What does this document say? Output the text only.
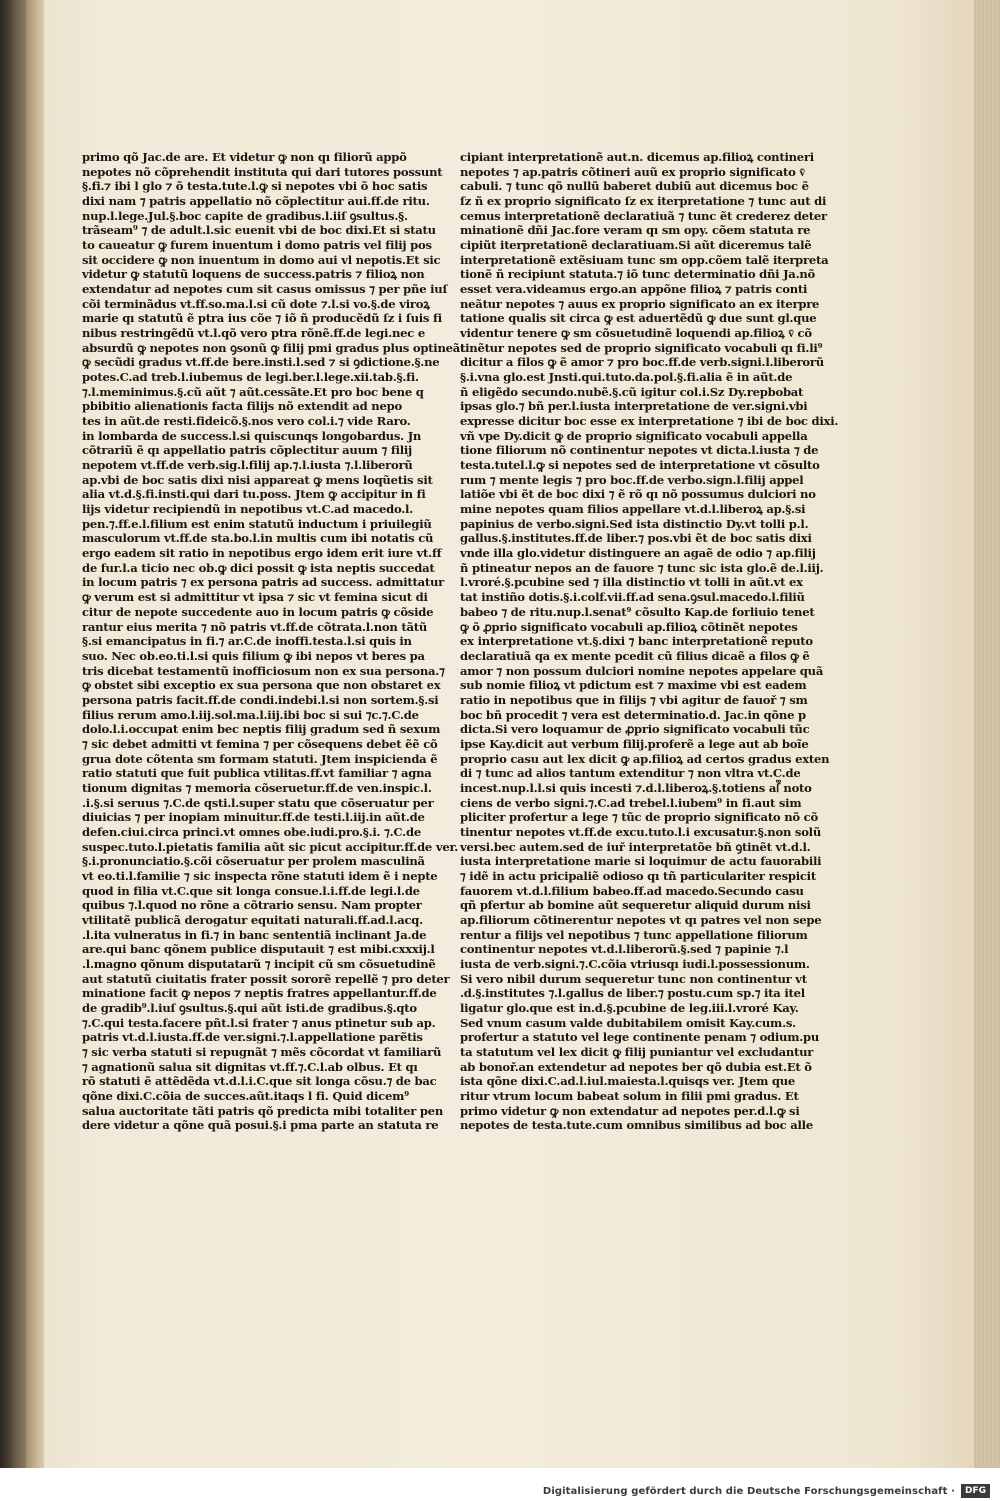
primo qõ Jac.de are. Et videtur ꝙ non qı filiorũ appõ
nepotes nõ cõprehendit instituta qui dari tutores possunt
§.fi.⁊ ibi l glo ⁊ õ testa.tute.l.ꝙ si nepotes vbi õ hoc satis
dixi nam ⁊ patris appellatio nõ cõplectitur aui.ff.de ritu.
nup.l.lege.Jul.§.boc capite de gradibus.l.iiſ ꝯsultus.§.
trãseam⁹ ⁊ de adult.l.sic euenit vbi de boc dixi.Et si statu
to caueatur ꝙ furem inuentum i domo patris vel filij pos
sit occidere ꝙ non inuentum in domo aui vl nepotis.Et sic
videtur ꝙ statutũ loquens de success.patris ⁊ filioꝝ non
extendatur ad nepotes cum sit casus omissus ⁊ per pñe iuſ
cõi terminãdus vt.ff.so.ma.l.si cũ dote ⁊.l.si vo.§.de viroꝝ
marie qı statutũ ẽ ptra ius cõe ⁊ iõ ñ producẽdũ ſz i ſuis fi
nibus restringẽdũ vt.l.qõ vero ptra rõnẽ.ff.de legi.nec e
absurdũ ꝙ nepotes non ꝯsonũ ꝙ filij pmi gradus plus optineãt
ꝙ secũdi gradus vt.ff.de bere.insti.l.sed ⁊ si ꝯdictione.§.ne
potes.C.ad treb.l.iubemus de legi.ber.l.lege.xii.tab.§.fi.
⁊.l.meminimus.§.cũ aũt ⁊ aũt.cessãte.Et pro boc bene q
pbibitio alienationis facta filijs nõ extendit ad nepo
tes in aũt.de resti.fideicõ.§.nos vero col.i.⁊ vide Raro.
in lombarda de success.l.si quiscunqs longobardus. Jn
cõtrariũ ẽ qı appellatio patris cõplectitur auum ⁊ filij
nepotem vt.ff.de verb.sig.l.filij ap.⁊.l.iusta ⁊.l.liberorũ
ap.vbi de boc satis dixi nisi appareat ꝙ mens loqũetis sit
alia vt.d.§.fi.insti.qui dari tu.poss. Jtem ꝙ accipitur in fi
lijs videtur recipiendũ in nepotibus vt.C.ad macedo.l.
pen.⁊.ff.e.l.filium est enim statutũ inductum i priuilegiũ
masculorum vt.ff.de sta.bo.l.in multis cum ibi notatis cũ
ergo eadem sit ratio in nepotibus ergo idem erit iure vt.ff
de fur.l.a ticio nec ob.ꝙ dici possit ꝙ ista neptis succedat
in locum patris ⁊ ex persona patris ad success. admittatur
ꝙ verum est si admittitur vt ipsa ⁊ sic vt femina sicut di
citur de nepote succedente auo in locum patris ꝙ cõside
rantur eius merita ⁊ nõ patris vt.ff.de cõtrata.l.non tãtũ
§.si emancipatus in fi.⁊ ar.C.de inoffi.testa.l.si quis in
suo. Nec ob.eo.ti.l.si quis filium ꝙ ibi nepos vt beres pa
tris dicebat testamentũ inofficiosum non ex sua persona.⁊
ꝙ obstet sibi exceptio ex sua persona que non obstaret ex
persona patris facit.ff.de condi.indebi.l.si non sortem.§.si
filius rerum amo.l.iij.sol.ma.l.iij.ibi boc si sui ⁊c.⁊.C.de
dolo.l.i.occupat enim bec neptis filij gradum sed ñ sexum
⁊ sic debet admitti vt femina ⁊ per cõsequens debet ẽẽ cõ
grua dote cõtenta sm formam statuti. Jtem inspicienda ẽ
ratio statuti que fuit publica vtilitas.ff.vt familiar ⁊ agna
tionum dignitas ⁊ memoria cõseruetur.ff.de ven.inspic.l.
.i.§.si seruus ⁊.C.de qsti.l.super statu que cõseruatur per
diuicias ⁊ per inopiam minuitur.ff.de testi.l.iij.in aũt.de
defen.ciui.circa princi.vt omnes obe.iudi.pro.§.i. ⁊.C.de
suspec.tuto.l.pietatis familia aũt sic picut accipitur.ff.de ver.
§.i.pronunciatio.§.cõi cõseruatur per prolem masculinã
vt eo.ti.l.familie ⁊ sic inspecta rõne statuti idem ẽ i nepte
quod in filia vt.C.que sit longa consue.l.i.ff.de legi.l.de
quibus ⁊.l.quod no rõne a cõtrario sensu. Nam propter
vtilitatẽ publicã derogatur equitati naturali.ff.ad.l.acq.
.l.ita vulneratus in fi.⁊ in banc sententiã inclinant Ja.de
are.qui banc qõnem publice disputauit ⁊ est mibi.cxxxij.l
.l.magno qõnum disputatarũ ⁊ incipit cũ sm cõsuetudinẽ
aut statutũ ciuitatis frater possit sororẽ repellẽ ⁊ pro deter
minatione facit ꝙ nepos ⁊ neptis fratres appellantur.ff.de
de gradib⁹.l.iuſ ꝯsultus.§.qui aũt isti.de gradibus.§.qto
⁊.C.qui testa.facere pñt.l.si frater ⁊ anus ptinetur sub ap.
patris vt.d.l.iusta.ff.de ver.signi.⁊.l.appellatione parẽtis
⁊ sic verba statuti si repugnãt ⁊ mẽs cõcordat vt familiarũ
⁊ agnationũ salua sit dignitas vt.ff.⁊.C.l.ab olbus. Et qı
rõ statuti ẽ attẽdẽda vt.d.l.i.C.que sit longa cõsu.⁊ de bac
qõne dixi.C.cõia de succes.aũt.itaqs l fi. Quid dicem⁹
salua auctoritate tãti patris qõ predicta mibi totaliter pen
dere videtur a qõne quã posui.§.i pma parte an statuta re
cipiant interpretationẽ aut.n. dicemus ap.filioꝝ contineri
nepotes ⁊ ap.patris cõtineri auũ ex proprio significato v͂
cabuli. ⁊ tunc qõ nullũ baberet dubiũ aut dicemus boc ẽ
ſz ñ ex proprio significato ſz ex iterpretatione ⁊ tunc aut di
cemus interpretationẽ declaratiuã ⁊ tunc ẽt crederez deter
minationẽ dñi Jac.fore veram qı sm opy. cõem statuta re
cipiũt iterpretationẽ declaratiuam.Si aũt diceremus talẽ
interpretationẽ extẽsiuam tunc sm opp.cõem talẽ iterpreta
tionẽ ñ recipiunt statuta.⁊ iõ tunc determinatio dñi Ja.nõ
esset vera.videamus ergo.an appõne filioꝝ ⁊ patris conti
neãtur nepotes ⁊ auus ex proprio significato an ex iterpre
tatione qualis sit circa ꝙ est aduertẽdũ ꝙ due sunt gl.que
videntur tenere ꝙ sm cõsuetudinẽ loquendi ap.filioꝝ v͂ cõ
tinẽtur nepotes sed de proprio significato vocabuli qı fi.li⁹
dicitur a filos ꝙ ẽ amor ⁊ pro boc.ff.de verb.signi.l.liberorũ
§.i.vna glo.est Jnsti.qui.tuto.da.pol.§.fi.alia ẽ in aũt.de
ñ eligẽdo secundo.nubẽ.§.cũ igitur col.i.Sz Dy.repbobat
ipsas glo.⁊ bñ per.l.iusta interpretatione de ver.signi.vbi
expresse dicitur boc esse ex interpretatione ⁊ ibi de boc dixi.
vñ vpe Dy.dicit ꝙ de proprio significato vocabuli appella
tione filiorum nõ continentur nepotes vt dicta.l.iusta ⁊ de
testa.tutel.l.ꝙ si nepotes sed de interpretatione vt cõsulto
rum ⁊ mente legis ⁊ pro boc.ff.de verbo.sign.l.filij appel
latiõe vbi ẽt de boc dixi ⁊ ẽ rõ qı nõ possumus dulciori no
mine nepotes quam filios appellare vt.d.l.liberoꝝ ap.§.si
papinius de verbo.signi.Sed ista distinctio Dy.vt tolli p.l.
gallus.§.institutes.ff.de liber.⁊ pos.vbi ẽt de boc satis dixi
vnde illa glo.videtur distinguere an agaẽ de odio ⁊ ap.filij
ñ ptineatur nepos an de fauore ⁊ tunc sic ista glo.ẽ de.l.iij.
l.vroré.§.pcubine sed ⁊ illa distinctio vt tolli in aũt.vt ex
tat instiño dotis.§.i.colf.vii.ff.ad sena.ꝯsul.macedo.l.filiũ
babeo ⁊ de ritu.nup.l.senat⁹ cõsulto Kap.de forliuio tenet
ꝙ õ ꝓprio significato vocabuli ap.filioꝝ cõtinẽt nepotes
ex interpretatione vt.§.dixi ⁊ banc interpretationẽ reputo
declaratiuã qa ex mente pcedit cũ filius dicaẽ a filos ꝙ ẽ
amor ⁊ non possum dulciori nomine nepotes appelare quã
sub nomie filioꝝ vt pdictum est ⁊ maxime vbi est eadem
ratio in nepotibus que in filijs ⁊ vbi agitur de fauoř ⁊ sm
boc bñ procedit ⁊ vera est determinatio.d. Jac.in qõne p
dicta.Si vero loquamur de ꝓprio significato vocabuli tũc
ipse Kay.dicit aut verbum filij.proferẽ a lege aut ab boĩe
proprio casu aut lex dicit ꝙ ap.filioꝝ ad certos gradus exten
di ⁊ tunc ad alios tantum extenditur ⁊ non vltra vt.C.de
incest.nup.l.l.si quis incesti ⁊.d.l.liberoꝝ.§.totiens aſ᷑ noto
ciens de verbo signi.⁊.C.ad trebel.l.iubem⁹ in fi.aut sim
pliciter profertur a lege ⁊ tũc de proprio significato nõ cõ
tinentur nepotes vt.ff.de excu.tuto.l.i excusatur.§.non solũ
versi.bec autem.sed de iuř interpretatõe bñ ꝯtinẽt vt.d.l.
iusta interpretatione marie si loquimur de actu fauorabili
⁊ idẽ in actu pricipaliẽ odioso qı tñ particulariter respicit
fauorem vt.d.l.filium babeo.ff.ad macedo.Secundo casu
qñ pfertur ab bomine aũt sequeretur aliquid durum nisi
ap.filiorum cõtinerentur nepotes vt qı patres vel non sepe
rentur a filijs vel nepotibus ⁊ tunc appellatione filiorum
continentur nepotes vt.d.l.liberorũ.§.sed ⁊ papinie ⁊.l
iusta de verb.signi.⁊.C.cõia vtriusqı iudi.l.possessionum.
Si vero nibil durum sequeretur tunc non continentur vt
.d.§.institutes ⁊.l.gallus de liber.⁊ postu.cum sp.⁊ ita itel
ligatur glo.que est in.d.§.pcubine de leg.iii.l.vroré Kay.
Sed vnum casum valde dubitabilem omisit Kay.cum.s.
profertur a statuto vel lege continente penam ⁊ odium.pu
ta statutum vel lex dicit ꝙ filij puniantur vel excludantur
ab bonoř.an extendetur ad nepotes ber qõ dubia est.Et õ
ista qõne dixi.C.ad.l.iul.maiesta.l.quisqs ver. Jtem que
ritur vtrum locum babeat solum in filii pmi gradus. Et
primo videtur ꝙ non extendatur ad nepotes per.d.l.ꝙ si
nepotes de testa.tute.cum omnibus similibus ad boc alle
Digitalisierung gefördert durch die Deutsche Forschungsgemeinschaft ·	DFG
